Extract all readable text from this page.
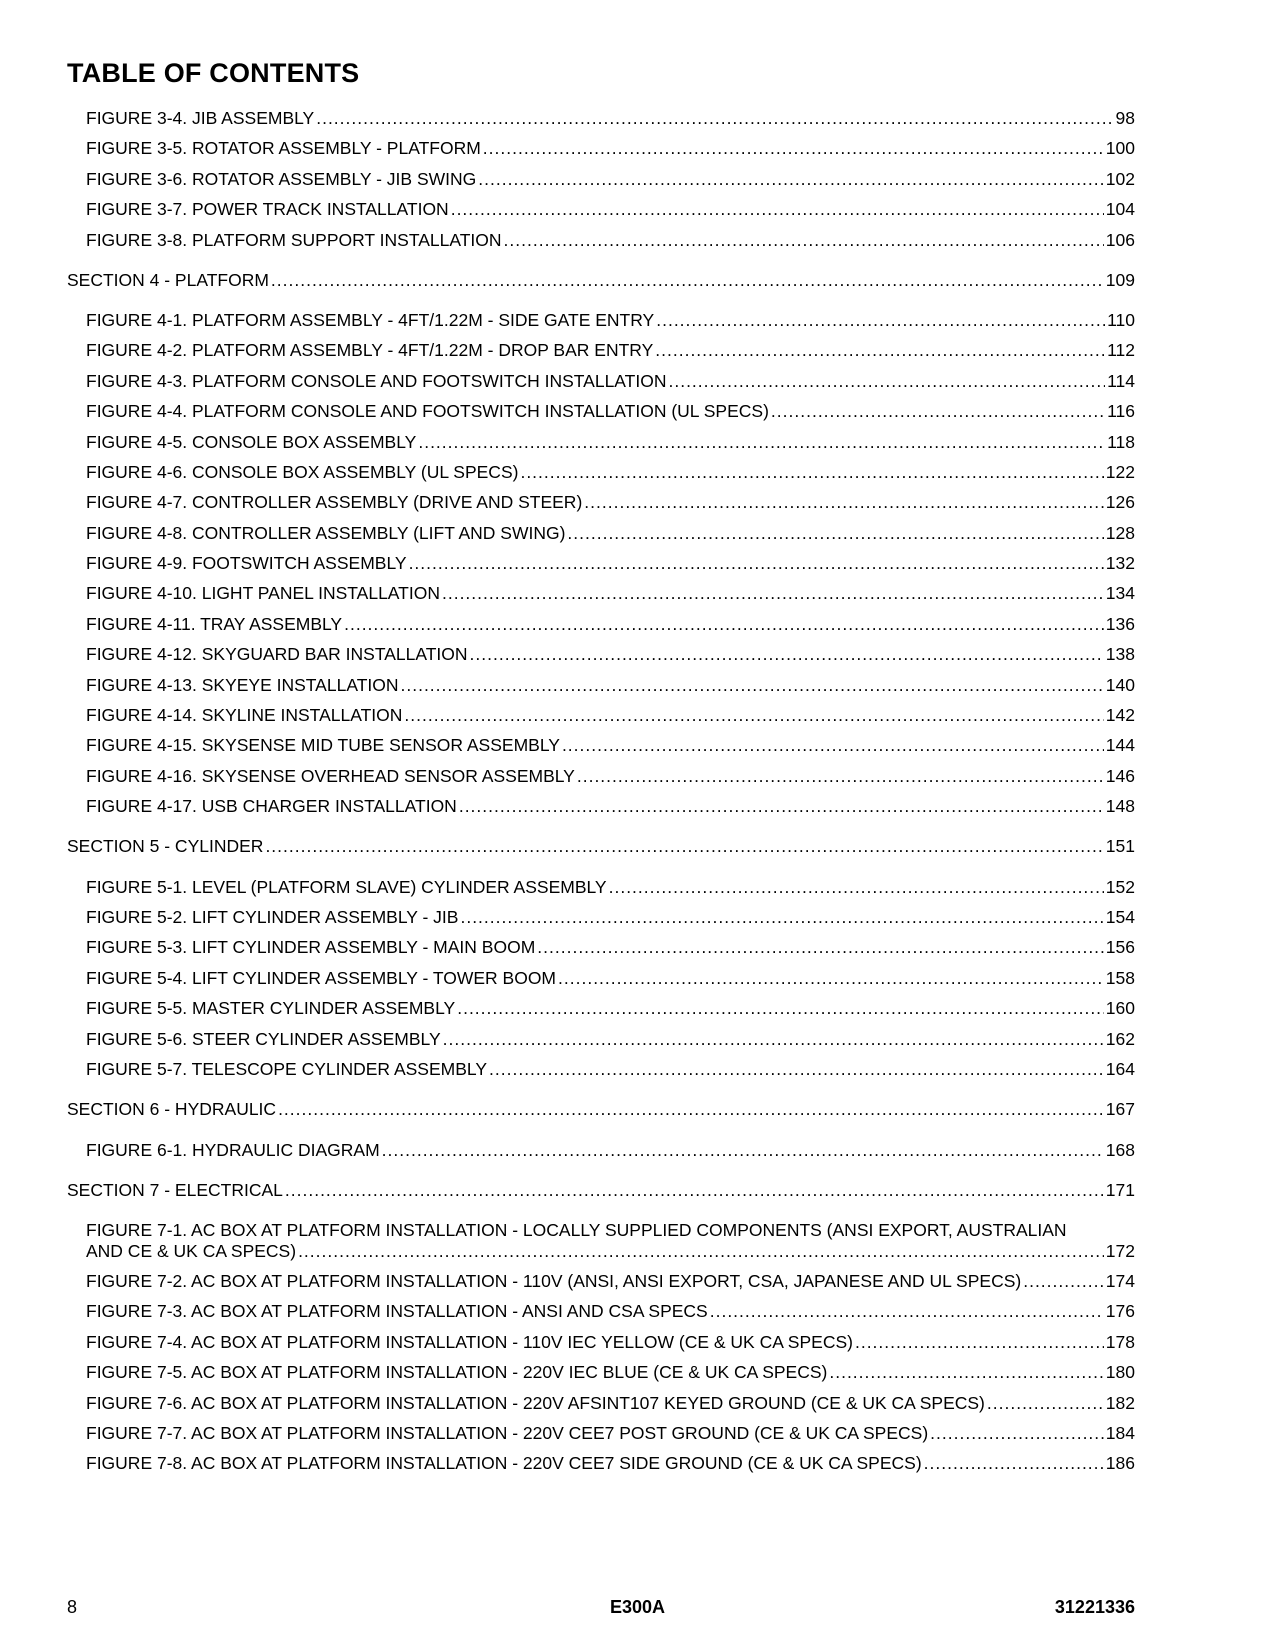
TABLE OF CONTENTS
FIGURE 3-4. JIB ASSEMBLY .....	98
FIGURE 3-5. ROTATOR ASSEMBLY - PLATFORM .....	100
FIGURE 3-6. ROTATOR ASSEMBLY - JIB SWING .....	102
FIGURE 3-7. POWER TRACK INSTALLATION .....	104
FIGURE 3-8. PLATFORM SUPPORT INSTALLATION .....	106
SECTION 4 - PLATFORM .....	109
FIGURE 4-1. PLATFORM ASSEMBLY - 4FT/1.22M - SIDE GATE ENTRY .....	110
FIGURE 4-2. PLATFORM ASSEMBLY - 4FT/1.22M - DROP BAR ENTRY .....	112
FIGURE 4-3. PLATFORM CONSOLE AND FOOTSWITCH INSTALLATION .....	114
FIGURE 4-4. PLATFORM CONSOLE AND FOOTSWITCH INSTALLATION (UL SPECS) .....	116
FIGURE 4-5. CONSOLE BOX ASSEMBLY .....	118
FIGURE 4-6. CONSOLE BOX ASSEMBLY (UL SPECS) .....	122
FIGURE 4-7. CONTROLLER ASSEMBLY (DRIVE AND STEER) .....	126
FIGURE 4-8. CONTROLLER ASSEMBLY (LIFT AND SWING) .....	128
FIGURE 4-9. FOOTSWITCH ASSEMBLY .....	132
FIGURE 4-10. LIGHT PANEL INSTALLATION .....	134
FIGURE 4-11. TRAY ASSEMBLY .....	136
FIGURE 4-12. SKYGUARD BAR INSTALLATION .....	138
FIGURE 4-13. SKYEYE INSTALLATION .....	140
FIGURE 4-14. SKYLINE INSTALLATION .....	142
FIGURE 4-15. SKYSENSE MID TUBE SENSOR ASSEMBLY .....	144
FIGURE 4-16. SKYSENSE OVERHEAD SENSOR ASSEMBLY .....	146
FIGURE 4-17. USB CHARGER INSTALLATION .....	148
SECTION 5 - CYLINDER .....	151
FIGURE 5-1. LEVEL (PLATFORM SLAVE) CYLINDER ASSEMBLY .....	152
FIGURE 5-2. LIFT CYLINDER ASSEMBLY - JIB .....	154
FIGURE 5-3. LIFT CYLINDER ASSEMBLY - MAIN BOOM .....	156
FIGURE 5-4. LIFT CYLINDER ASSEMBLY - TOWER BOOM .....	158
FIGURE 5-5. MASTER CYLINDER ASSEMBLY .....	160
FIGURE 5-6. STEER CYLINDER ASSEMBLY .....	162
FIGURE 5-7. TELESCOPE CYLINDER ASSEMBLY .....	164
SECTION 6 - HYDRAULIC .....	167
FIGURE 6-1. HYDRAULIC DIAGRAM .....	168
SECTION 7 - ELECTRICAL .....	171
FIGURE 7-1. AC BOX AT PLATFORM INSTALLATION - LOCALLY SUPPLIED COMPONENTS (ANSI EXPORT, AUSTRALIAN
AND CE & UK CA SPECS) .....	172
FIGURE 7-2. AC BOX AT PLATFORM INSTALLATION - 110V (ANSI, ANSI EXPORT, CSA, JAPANESE AND UL SPECS) .....	174
FIGURE 7-3. AC BOX AT PLATFORM INSTALLATION - ANSI AND CSA SPECS .....	176
FIGURE 7-4. AC BOX AT PLATFORM INSTALLATION - 110V IEC YELLOW (CE & UK CA SPECS) .....	178
FIGURE 7-5. AC BOX AT PLATFORM INSTALLATION - 220V IEC BLUE (CE & UK CA SPECS) .....	180
FIGURE 7-6. AC BOX AT PLATFORM INSTALLATION - 220V AFSINT107 KEYED GROUND (CE & UK CA SPECS) .....	182
FIGURE 7-7. AC BOX AT PLATFORM INSTALLATION - 220V CEE7 POST GROUND (CE & UK CA SPECS) .....	184
FIGURE 7-8. AC BOX AT PLATFORM INSTALLATION - 220V CEE7 SIDE GROUND (CE & UK CA SPECS) .....	186
8	E300A	31221336
